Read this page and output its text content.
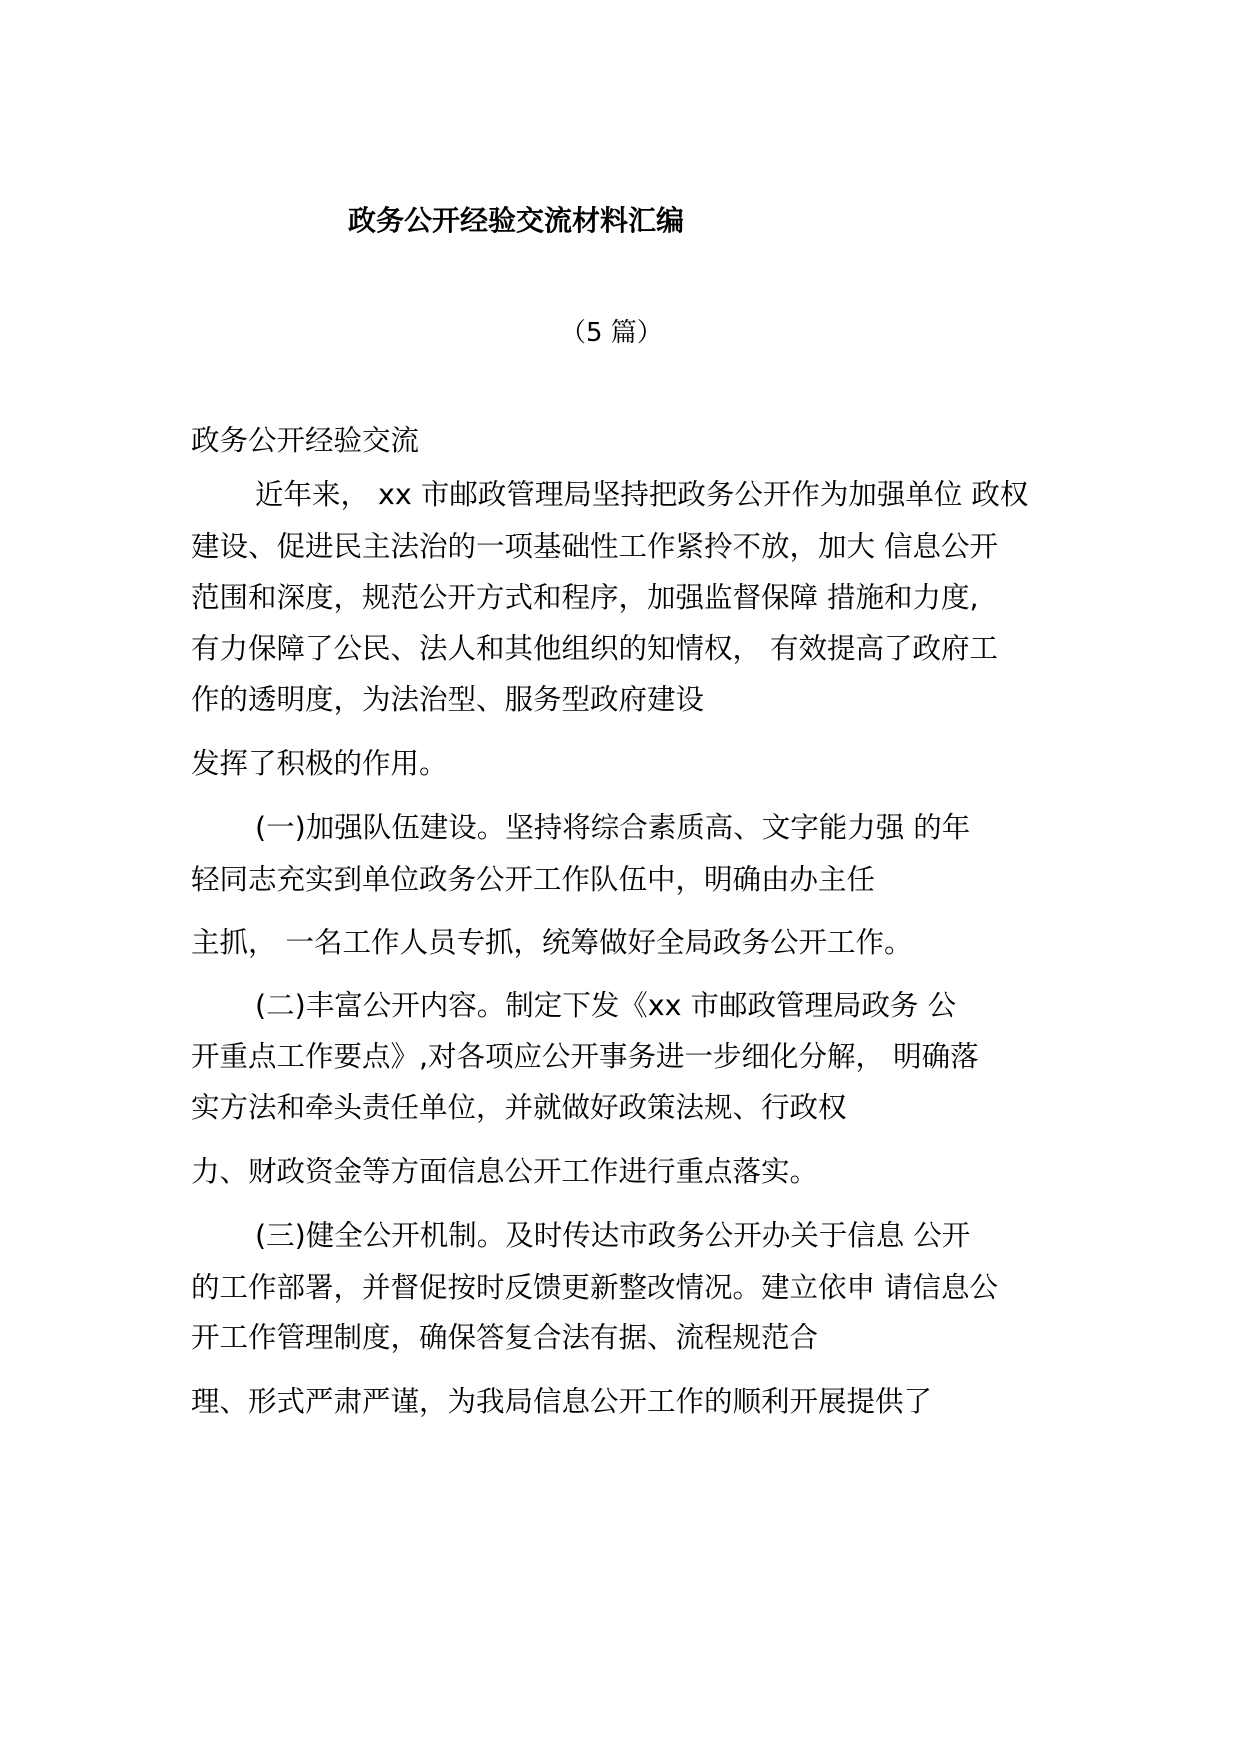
政务公开经验交流材料汇编
（5 篇）
政务公开经验交流
近年来， xx 市邮政管理局坚持把政务公开作为加强单位 政权
建设、促进民主法治的一项基础性工作紧拎不放，加大 信息公开
范围和深度，规范公开方式和程序，加强监督保障 措施和力度,
有力保障了公民、法人和其他组织的知情权， 有效提高了政府工
作的透明度，为法治型、服务型政府建设
发挥了积极的作用。
(一)加强队伍建设。坚持将综合素质高、文字能力强 的年
轻同志充实到单位政务公开工作队伍中，明确由办主任
主抓， 一名工作人员专抓，统筹做好全局政务公开工作。
(二)丰富公开内容。制定下发《xx 市邮政管理局政务 公
开重点工作要点》,对各项应公开事务进一步细化分解， 明确落
实方法和牵头责任单位，并就做好政策法规、行政权
力、财政资金等方面信息公开工作进行重点落实。
(三)健全公开机制。及时传达市政务公开办关于信息 公开
的工作部署，并督促按时反馈更新整改情况。建立依申 请信息公
开工作管理制度，确保答复合法有据、流程规范合
理、形式严肃严谨，为我局信息公开工作的顺利开展提供了
